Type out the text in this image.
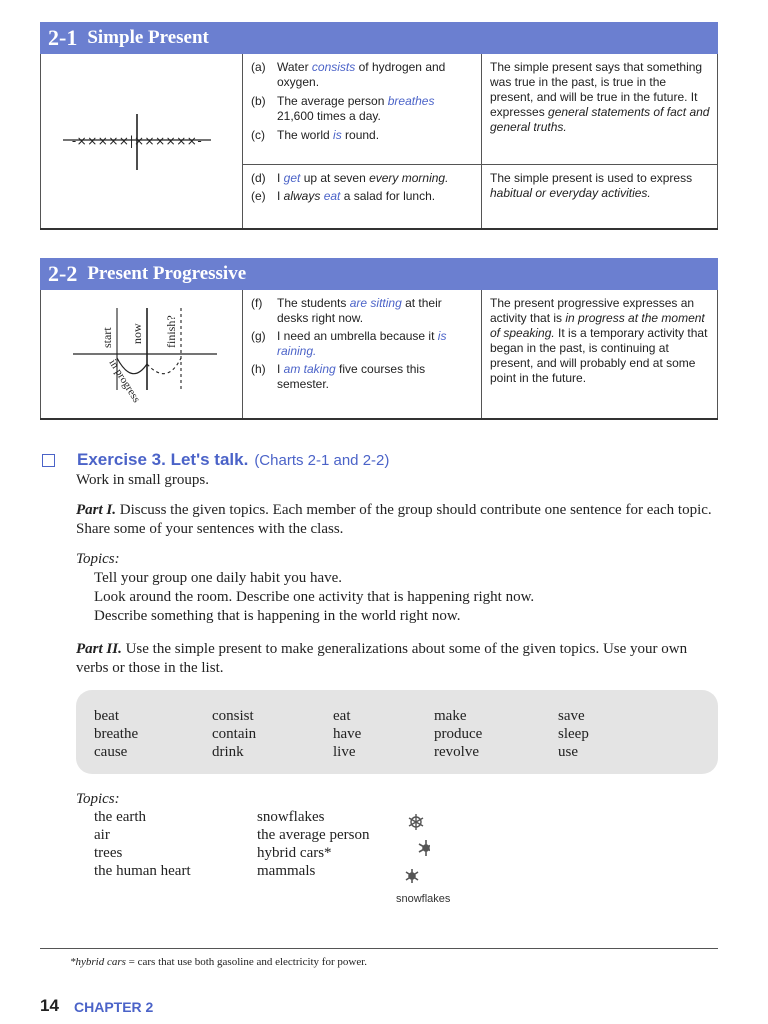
2-1 Simple Present
-×××××|××××××-
(a) Water consists of hydrogen and oxygen.
(b) The average person breathes 21,600 times a day.
(c) The world is round.
The simple present says that something was true in the past, is true in the present, and will be true in the future. It expresses general statements of fact and general truths.
(d) I get up at seven every morning.
(e) I always eat a salad for lunch.
The simple present is used to express habitual or everyday activities.
2-2 Present Progressive
start now finish?
in progress
(f) The students are sitting at their desks right now.
(g) I need an umbrella because it is raining.
(h) I am taking five courses this semester.
The present progressive expresses an activity that is in progress at the moment of speaking. It is a temporary activity that began in the past, is continuing at present, and will probably end at some point in the future.
Exercise 3. Let's talk. (Charts 2-1 and 2-2)
Work in small groups.
Part I. Discuss the given topics. Each member of the group should contribute one sentence for each topic. Share some of your sentences with the class.
Topics:
Tell your group one daily habit you have.
Look around the room. Describe one activity that is happening right now.
Describe something that is happening in the world right now.
Part II. Use the simple present to make generalizations about some of the given topics. Use your own verbs or those in the list.
beat
breathe
cause
consist
contain
drink
eat
have
live
make
produce
revolve
save
sleep
use
Topics:
the earth
air
trees
the human heart
snowflakes
the average person
hybrid cars*
mammals
snowflakes
*hybrid cars = cars that use both gasoline and electricity for power.
14 CHAPTER 2
